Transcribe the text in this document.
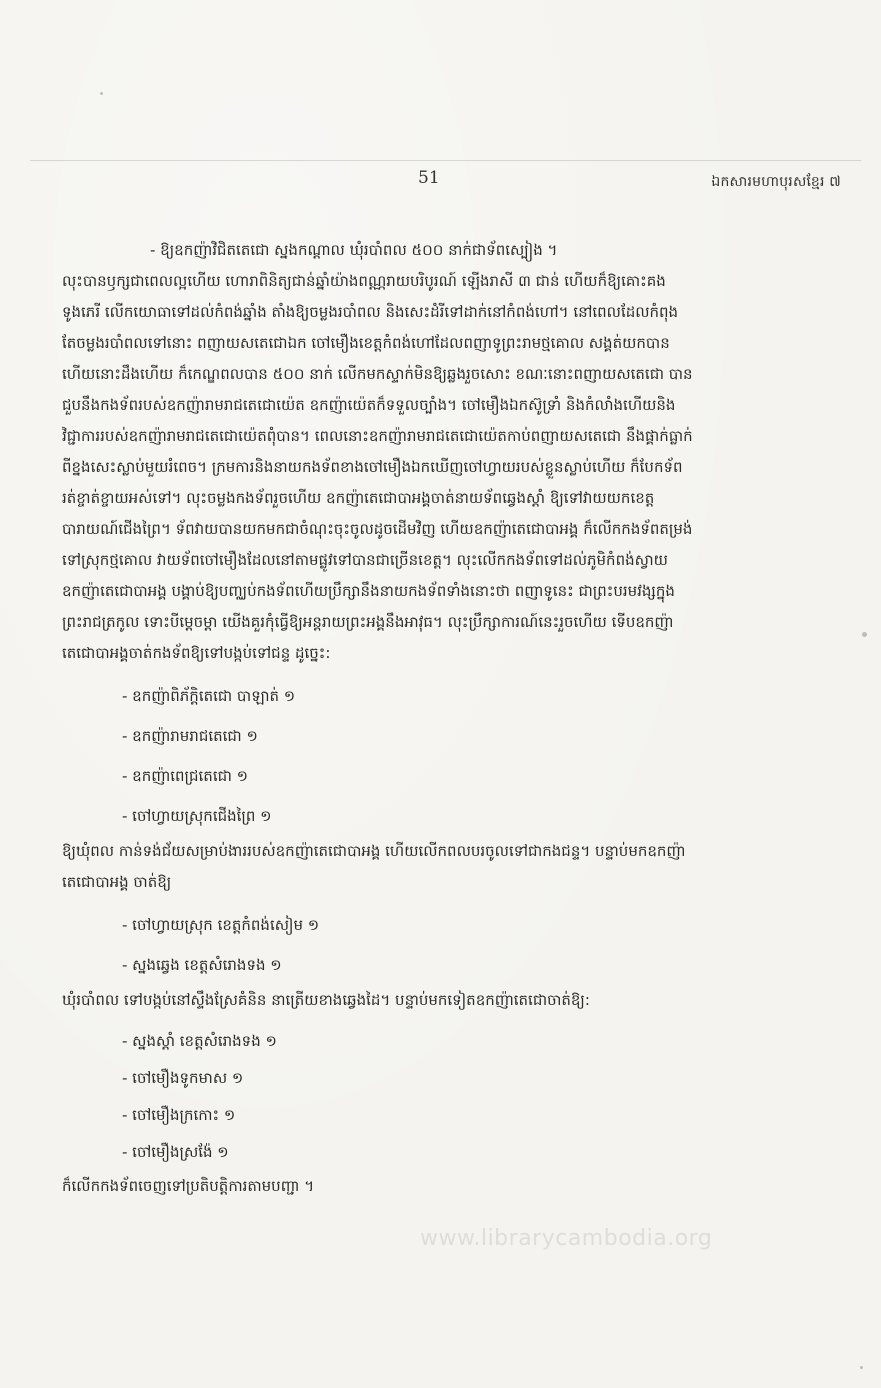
51	ឯកសារមហាបុរសខ្មែរ ៧
- ឱ្យឧកញ៉ាវិជិតតេជោ ស្នងកណ្តាល ឃុំរបាំពល ៥០០ នាក់ជាទ័ពស្បៀង ។
លុះបានឫក្សជាពេលល្អហើយ ហោរាពិនិត្យជាន់ឆ្នាំយ៉ាងពណ្ណរាយបរិបូរណ៍ ឡើងរាសី ៣ ជាន់ ហើយក៏ឱ្យគោះគង
ទូងភេរី លើកយោធាទៅដល់កំពង់ឆ្នាំង តាំងឱ្យចម្លងរបាំពល និងសេះដំរីទៅដាក់នៅកំពង់ហៅ។ នៅពេលដែលកំពុង
តែចម្លងរបាំពលទៅនោះ ពញាយសតេជោឯក ចៅមឿងខេត្តកំពង់ហៅដែលពញាទូព្រះរាមថ្មគោល សង្គត់យកបាន
ហើយនោះដឹងហើយ ក៏កេណ្ឌពលបាន ៥០០ នាក់ លើកមកស្ទាក់មិនឱ្យឆ្លងរួចសោះ ខណៈនោះពញាយសតេជោ បាន
ជួបនឹងកងទ័ពរបស់ឧកញ៉ារាមរាជតេជោយ៉េត ឧកញ៉ាយ៉េតក៏ទទួលច្បាំង។ ចៅមឿងឯកស៊ូទ្រាំ និងកំលាំងហើយនិង
វិជ្ជាការរបស់ឧកញ៉ារាមរាជតេជោយ៉េតពុំបាន។ ពេលនោះឧកញ៉ារាមរាជតេជោយ៉េតកាប់ពញាយសតេជោ នឹងផ្គាក់ធ្លាក់
ពីខ្នងសេះស្លាប់មួយរំពេច។ ក្រមការនិងនាយកងទ័ពខាងចៅមឿងឯកឃើញចៅហ្វាយរបស់ខ្លួនស្លាប់ហើយ ក៏បែកទ័ព
រត់ខ្ចាត់ខ្ចាយអស់ទៅ។ លុះចម្លងកងទ័ពរួចហើយ ឧកញ៉ាតេជោបាអង្គចាត់នាយទ័ពឆ្វេងស្តាំ ឱ្យទៅវាយយកខេត្ត
បារាយណ៍ជើងព្រៃ។ ទ័ពវាយបានយកមកជាចំណុះចុះចូលដូចដើមវិញ ហើយឧកញ៉ាតេជោបាអង្គ ក៏លើកកងទ័ពតម្រង់
ទៅស្រុកថ្មគោល វាយទ័ពចៅមឿងដែលនៅតាមផ្លូវទៅបានជាច្រើនខេត្ត។ លុះលើកកងទ័ពទៅដល់ភូមិកំពង់ស្វាយ
ឧកញ៉ាតេជោបាអង្គ បង្គាប់ឱ្យបញ្ឈប់កងទ័ពហើយប្រឹក្សានឹងនាយកងទ័ពទាំងនោះថា ពញាទូនេះ ជាព្រះបរមវង្សក្នុង
ព្រះរាជត្រកូល ទោះបីម្តេចម្តា យើងគួរកុំធ្វើឱ្យអន្តរាយព្រះអង្គនឹងអាវុធ។ លុះប្រឹក្សាការណ៍នេះរួចហើយ ទើបឧកញ៉ា
តេជោបាអង្គចាត់កងទ័ពឱ្យទៅបង្កប់ទៅជន្ទ ដូច្នេះ:
- ឧកញ៉ាពិភ័ក្តិតេជោ បាឡាត់ ១
- ឧកញ៉ារាមរាជតេជោ ១
- ឧកញ៉ាពេជ្រតេជោ ១
- ចៅហ្វាយស្រុកជើងព្រៃ ១
ឱ្យឃុំពល កាន់ទង់ជ័យសម្រាប់ងាររបស់ឧកញ៉ាតេជោបាអង្គ ហើយលើកពលបរចូលទៅជាកងជន្ទ។ បន្ទាប់មកឧកញ៉ា
តេជោបាអង្គ ចាត់ឱ្យ
- ចៅហ្វាយស្រុក ខេត្តកំពង់សៀម ១
- ស្នងឆ្វេង ខេត្តសំរោងទង ១
ឃុំរបាំពល ទៅបង្កប់នៅស្ទឹងស្រែគំនិន នាត្រើយខាងឆ្វេងដៃ។ បន្ទាប់មកទៀតឧកញ៉ាតេជោចាត់ឱ្យ:
- ស្នងស្តាំ ខេត្តសំរោងទង ១
- ចៅមឿងទូកមាស ១
- ចៅមឿងក្រកោះ ១
- ចៅមឿងស្រង៉ែ ១
ក៏លើកកងទ័ពចេញទៅប្រតិបត្តិការតាមបញ្ជា ។
www.librarycambodia.org
